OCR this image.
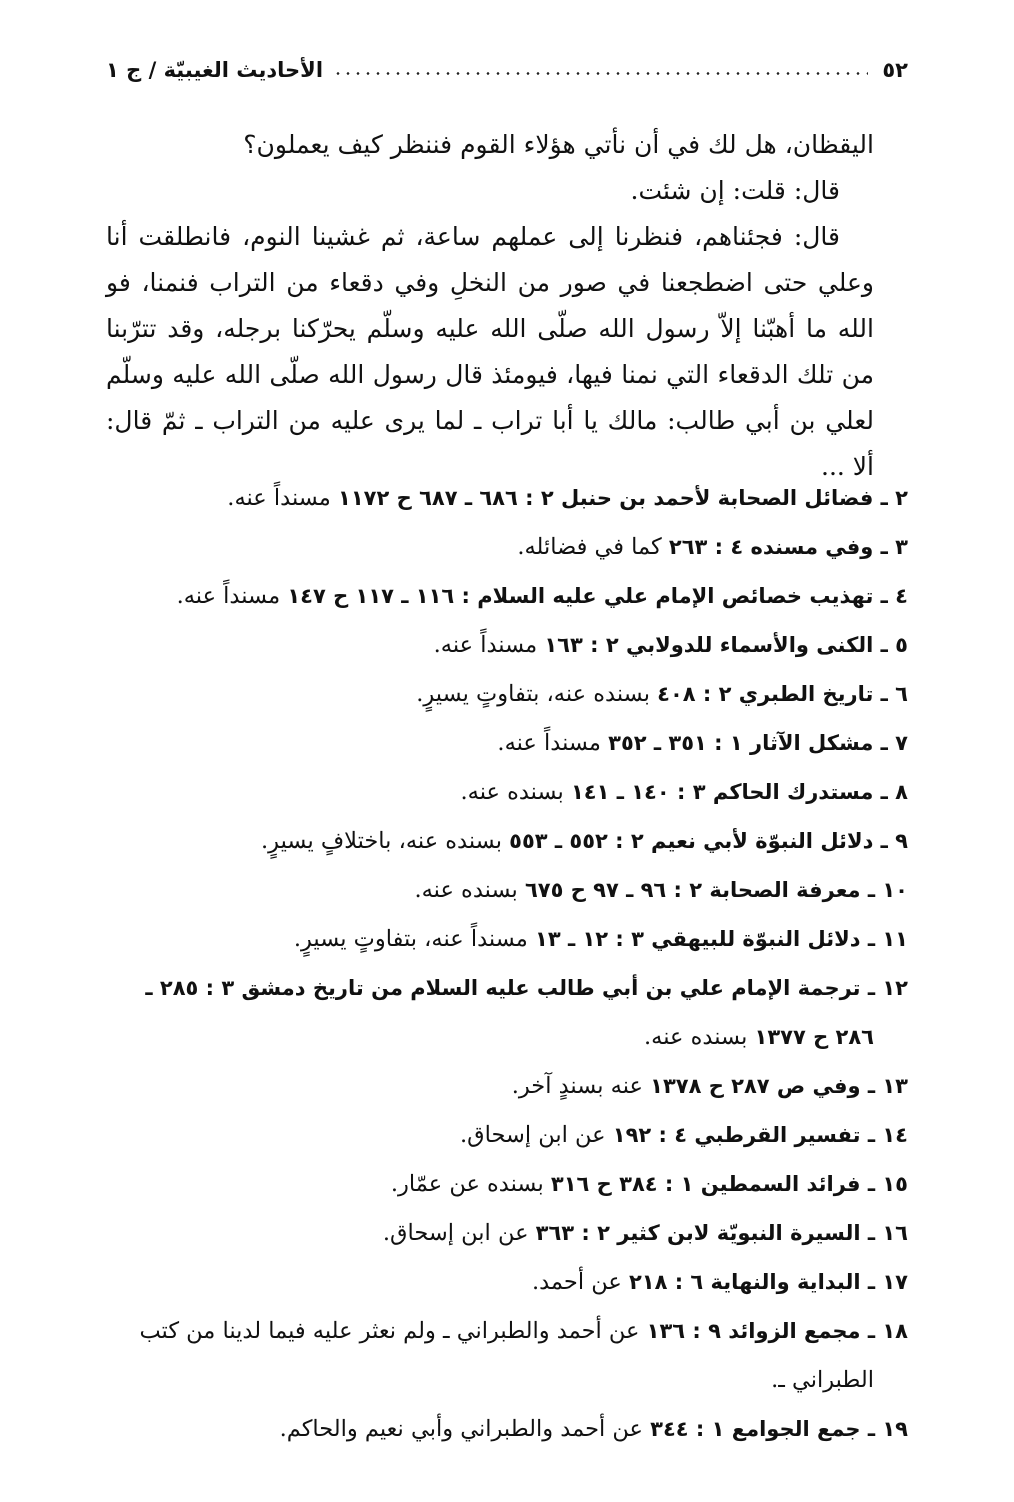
٥٢
الأحاديث الغيبيّة / ج ١

اليقظان، هل لك في أن نأتي هؤلاء القوم فننظر كيف يعملون؟

قال: قلت: إن شئت.

قال: فجئناهم، فنظرنا إلى عملهم ساعة، ثم غشينا النوم، فانطلقت أنا وعلي حتى اضطجعنا في صور من النخلِ وفي دقعاء من التراب فنمنا، فو الله ما أهبّنا إلاّ رسول الله صلّى الله عليه وسلّم يحرّكنا برجله، وقد تترّبنا من تلك الدقعاء التي نمنا فيها، فيومئذ قال رسول الله صلّى الله عليه وسلّم لعلي بن أبي طالب: مالك يا أبا تراب ـ لما يرى عليه من التراب ـ ثمّ قال: ألا ...

٢ ـ فضائل الصحابة لأحمد بن حنبل ٢ : ٦٨٦ ـ ٦٨٧ ح ١١٧٢ مسنداً عنه.
٣ ـ وفي مسنده ٤ : ٢٦٣ كما في فضائله.
٤ ـ تهذيب خصائص الإمام علي عليه السلام : ١١٦ ـ ١١٧ ح ١٤٧ مسنداً عنه.
٥ ـ الكنى والأسماء للدولابي ٢ : ١٦٣ مسنداً عنه.
٦ ـ تاريخ الطبري ٢ : ٤٠٨ بسنده عنه، بتفاوتٍ يسيرٍ.
٧ ـ مشكل الآثار ١ : ٣٥١ ـ ٣٥٢ مسنداً عنه.
٨ ـ مستدرك الحاكم ٣ : ١٤٠ ـ ١٤١ بسنده عنه.
٩ ـ دلائل النبوّة لأبي نعيم ٢ : ٥٥٢ ـ ٥٥٣ بسنده عنه، باختلافٍ يسيرٍ.
١٠ ـ معرفة الصحابة ٢ : ٩٦ ـ ٩٧ ح ٦٧٥ بسنده عنه.
١١ ـ دلائل النبوّة للبيهقي ٣ : ١٢ ـ ١٣ مسنداً عنه، بتفاوتٍ يسيرٍ.
١٢ ـ ترجمة الإمام علي بن أبي طالب عليه السلام من تاريخ دمشق ٣ : ٢٨٥ ـ ٢٨٦ ح ١٣٧٧ بسنده عنه.
١٣ ـ وفي ص ٢٨٧ ح ١٣٧٨ عنه بسندٍ آخر.
١٤ ـ تفسير القرطبي ٤ : ١٩٢ عن ابن إسحاق.
١٥ ـ فرائد السمطين ١ : ٣٨٤ ح ٣١٦ بسنده عن عمّار.
١٦ ـ السيرة النبويّة لابن كثير ٢ : ٣٦٣ عن ابن إسحاق.
١٧ ـ البداية والنهاية ٦ : ٢١٨ عن أحمد.
١٨ ـ مجمع الزوائد ٩ : ١٣٦ عن أحمد والطبراني ـ ولم نعثر عليه فيما لدينا من كتب الطبراني ـ.
١٩ ـ جمع الجوامع ١ : ٣٤٤ عن أحمد والطبراني وأبي نعيم والحاكم.
